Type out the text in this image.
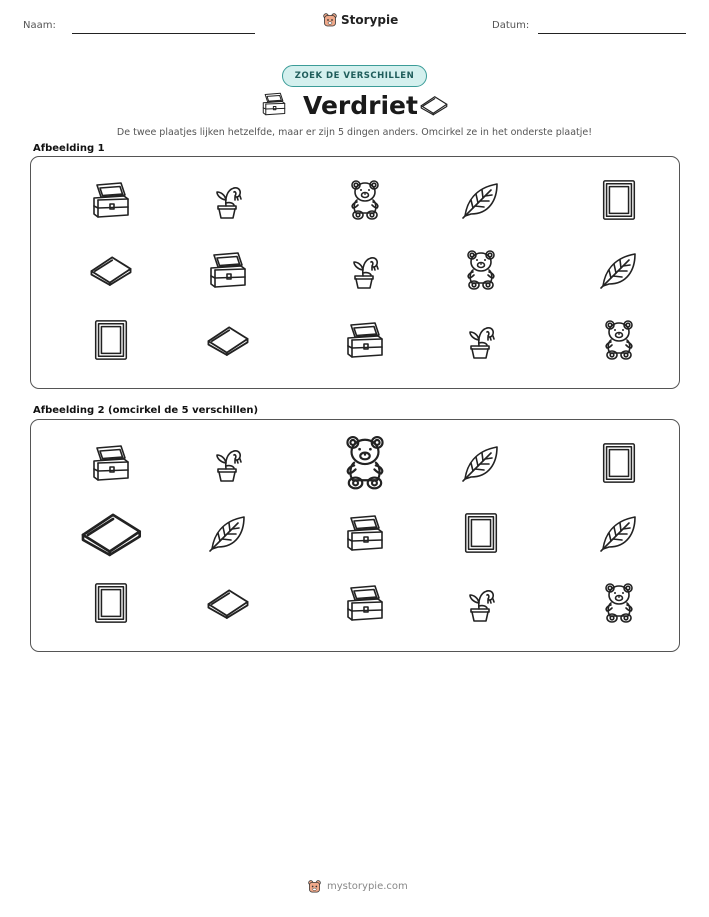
Naam:	Storypie	Datum:
ZOEK DE VERSCHILLEN
Verdriet
De twee plaatjes lijken hetzelfde, maar er zijn 5 dingen anders. Omcirkel ze in het onderste plaatje!
Afbeelding 1
Afbeelding 2 (omcirkel de 5 verschillen)
mystorypie.com
